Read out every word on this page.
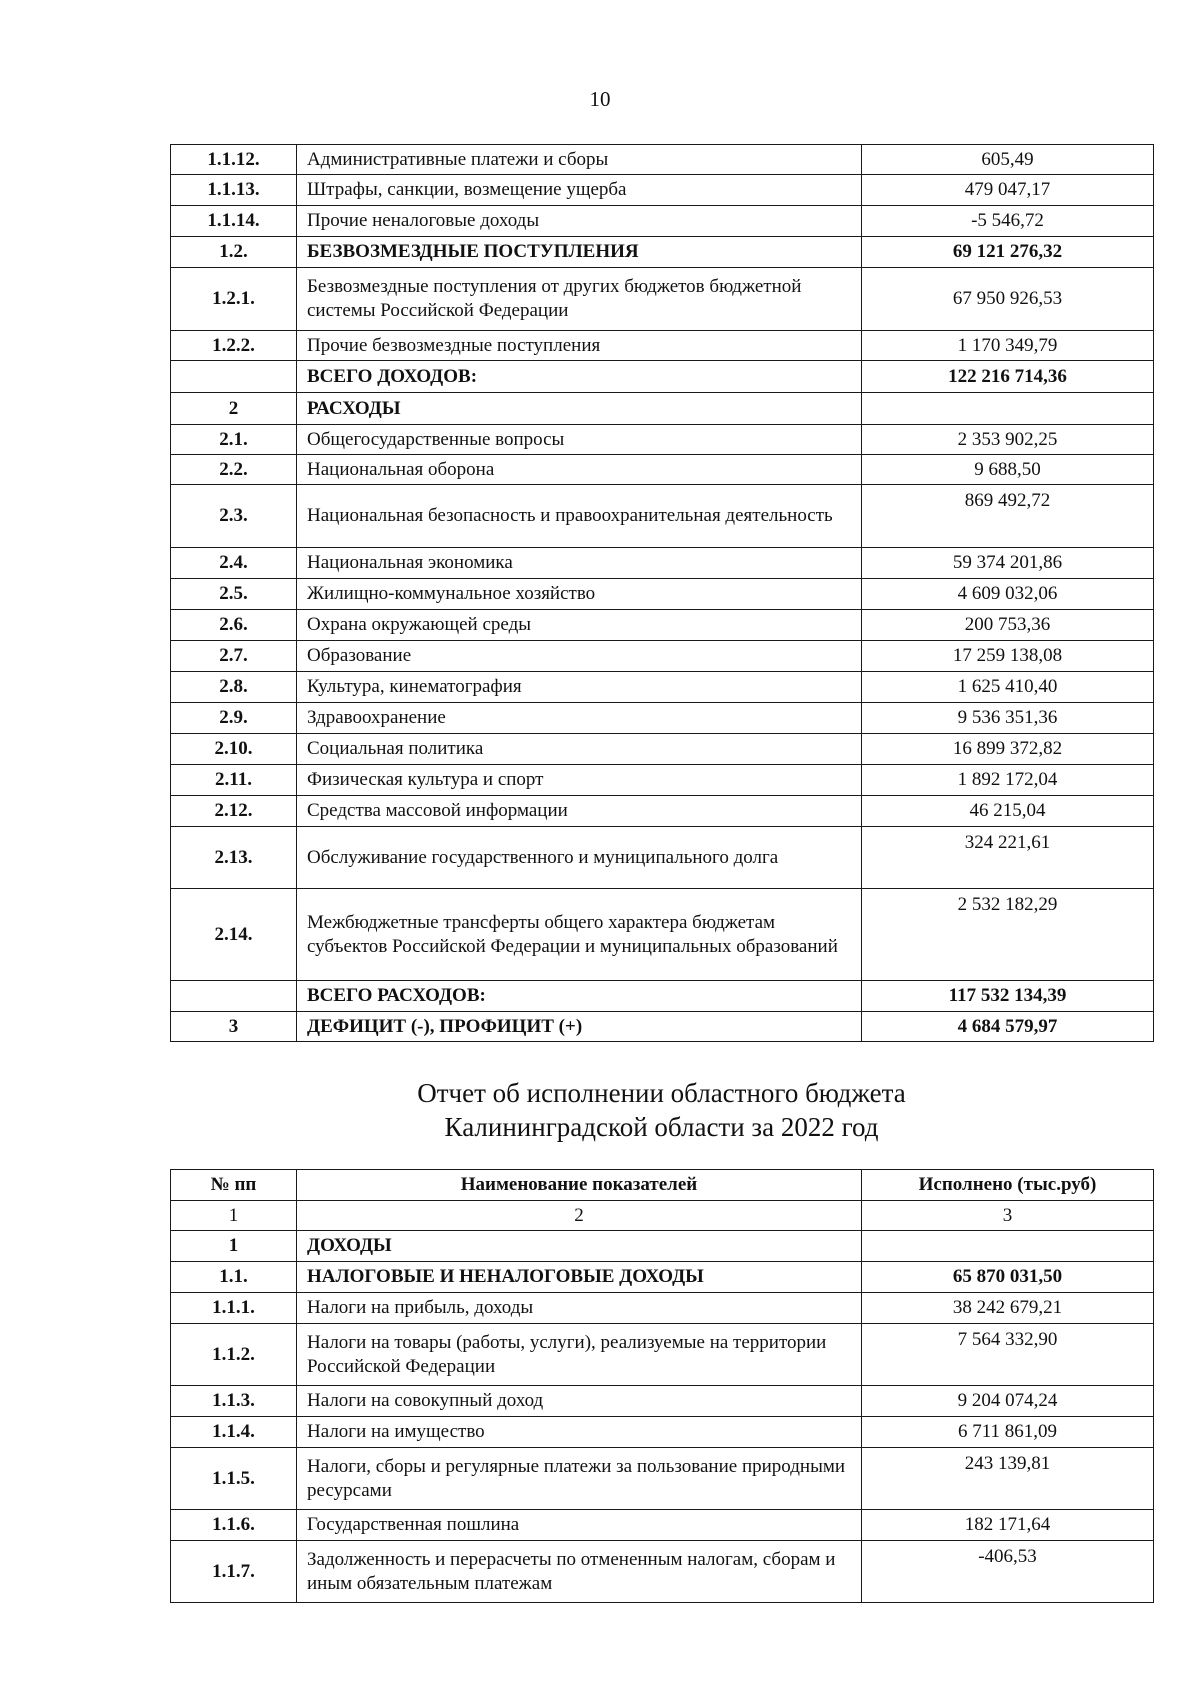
10
1.1.12.	Административные платежи и сборы	605,49
1.1.13.	Штрафы, санкции, возмещение ущерба	479 047,17
1.1.14.	Прочие неналоговые доходы	-5 546,72
1.2.	БЕЗВОЗМЕЗДНЫЕ ПОСТУПЛЕНИЯ	69 121 276,32
1.2.1.	Безвозмездные поступления от других бюджетов бюджетной системы Российской Федерации	67 950 926,53
1.2.2.	Прочие безвозмездные поступления	1 170 349,79
	ВСЕГО ДОХОДОВ:	122 216 714,36
2	РАСХОДЫ	
2.1.	Общегосударственные вопросы	2 353 902,25
2.2.	Национальная оборона	9 688,50
2.3.	Национальная безопасность и правоохранительная деятельность	869 492,72
2.4.	Национальная экономика	59 374 201,86
2.5.	Жилищно-коммунальное хозяйство	4 609 032,06
2.6.	Охрана окружающей среды	200 753,36
2.7.	Образование	17 259 138,08
2.8.	Культура, кинематография	1 625 410,40
2.9.	Здравоохранение	9 536 351,36
2.10.	Социальная политика	16 899 372,82
2.11.	Физическая культура и спорт	1 892 172,04
2.12.	Средства массовой информации	46 215,04
2.13.	Обслуживание государственного и муниципального долга	324 221,61
2.14.	Межбюджетные трансферты общего характера бюджетам субъектов Российской Федерации и муниципальных образований	2 532 182,29
	ВСЕГО РАСХОДОВ:	117 532 134,39
3	ДЕФИЦИТ (-), ПРОФИЦИТ (+)	4 684 579,97
Отчет об исполнении областного бюджета
Калининградской области за 2022 год
№ пп	Наименование показателей	Исполнено (тыс.руб)
1	2	3
1	ДОХОДЫ	
1.1.	НАЛОГОВЫЕ И НЕНАЛОГОВЫЕ ДОХОДЫ	65 870 031,50
1.1.1.	Налоги на прибыль, доходы	38 242 679,21
1.1.2.	Налоги на товары (работы, услуги), реализуемые на территории Российской Федерации	7 564 332,90
1.1.3.	Налоги на совокупный доход	9 204 074,24
1.1.4.	Налоги на имущество	6 711 861,09
1.1.5.	Налоги, сборы и регулярные платежи за пользование природными ресурсами	243 139,81
1.1.6.	Государственная пошлина	182 171,64
1.1.7.	Задолженность и перерасчеты по отмененным налогам, сборам и иным обязательным платежам	-406,53
